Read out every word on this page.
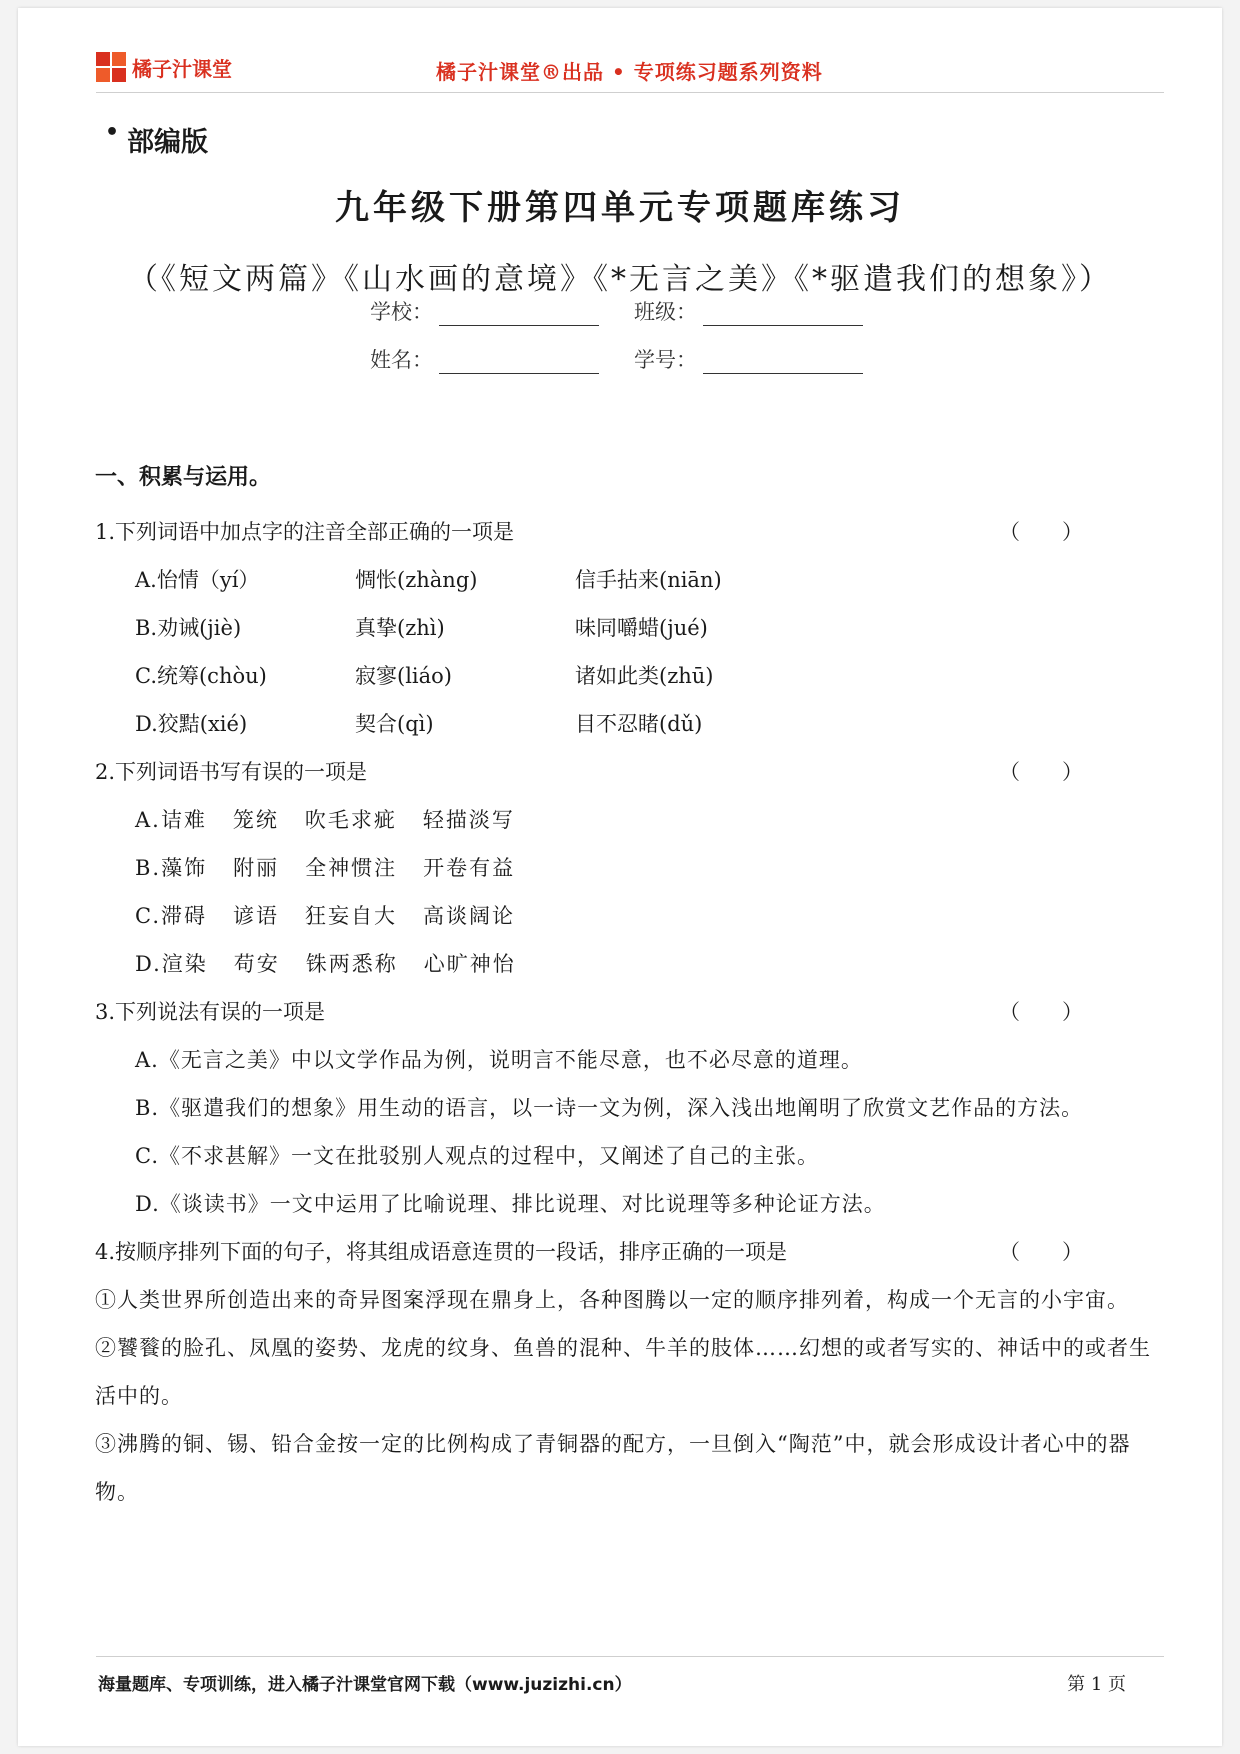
橘子汁课堂	橘子汁课堂®出品 • 专项练习题系列资料
• 部编版
九年级下册第四单元专项题库练习
（《短文两篇》《山水画的意境》《*无言之美》《*驱遣我们的想象》）
学校：	班级：
姓名：	学号：
一、积累与运用。
1.下列词语中加点字的注音全部正确的一项是	（）
A.怡情（yí）	惆怅(zhàng)	信手拈来(niān)
B.劝诫(jiè)	真挚(zhì)	味同嚼蜡(jué)
C.统筹(chòu)	寂寥(liáo)	诸如此类(zhū)
D.狡黠(xié)	契合(qì)	目不忍睹(dǔ)
2.下列词语书写有误的一项是	（）
A.诘难 笼统 吹毛求疵 轻描淡写
B.藻饰 附丽 全神惯注 开卷有益
C.滞碍 谚语 狂妄自大 高谈阔论
D.渲染 苟安 铢两悉称 心旷神怡
3.下列说法有误的一项是	（）
A.《无言之美》中以文学作品为例，说明言不能尽意，也不必尽意的道理。
B.《驱遣我们的想象》用生动的语言，以一诗一文为例，深入浅出地阐明了欣赏文艺作品的方法。
C.《不求甚解》一文在批驳别人观点的过程中，又阐述了自己的主张。
D.《谈读书》一文中运用了比喻说理、排比说理、对比说理等多种论证方法。
4.按顺序排列下面的句子，将其组成语意连贯的一段话，排序正确的一项是	（）
①人类世界所创造出来的奇异图案浮现在鼎身上，各种图腾以一定的顺序排列着，构成一个无言的小宇宙。
②饕餮的脸孔、凤凰的姿势、龙虎的纹身、鱼兽的混种、牛羊的肢体……幻想的或者写实的、神话中的或者生活中的。
③沸腾的铜、锡、铅合金按一定的比例构成了青铜器的配方，一旦倒入“陶范”中，就会形成设计者心中的器物。
海量题库、专项训练，进入橘子汁课堂官网下载（www.juzizhi.cn）	第 1 页
